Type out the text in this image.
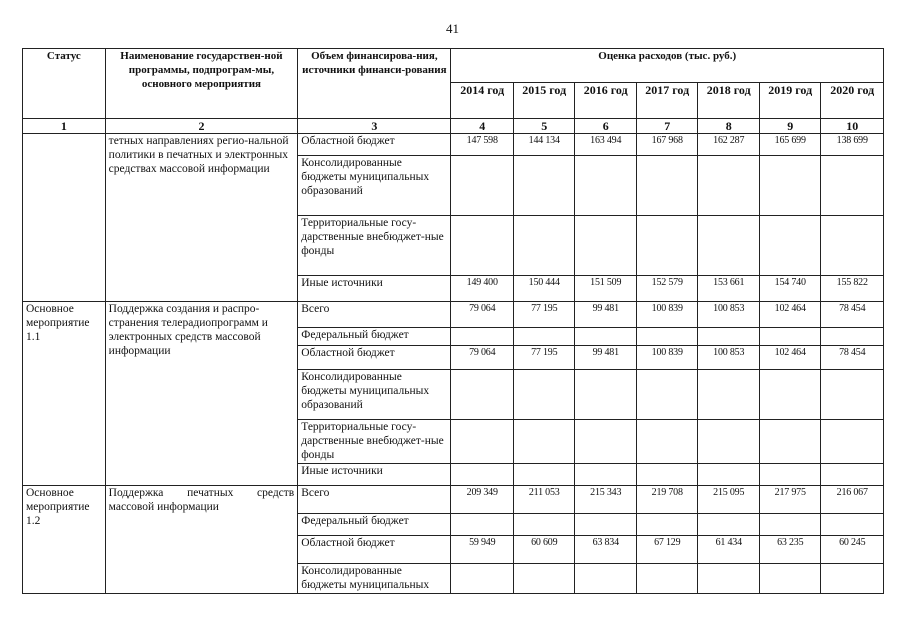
41
Статус	Наименование государствен-ной программы, подпрограм-мы, основного мероприятия	Объем финансирова-ния, источники финанси-рования	Оценка расходов (тыс. руб.)						
			2014 год	2015 год	2016 год	2017 год	2018 год	2019 год	2020 год
1	2	3	4	5	6	7	8	9	10
	тетных направлениях регио-нальной политики в печатных и электронных средствах массовой информации	Областной бюджет	147 598	144 134	163 494	167 968	162 287	165 699	138 699
		Консолидированные бюджеты муниципальных образований							
		Территориальные госу-дарственные внебюджет-ные фонды							
		Иные источники	149 400	150 444	151 509	152 579	153 661	154 740	155 822
Основное мероприятие 1.1	Поддержка создания и распро-странения телерадиопрограмм и электронных средств массовой информации	Всего	79 064	77 195	99 481	100 839	100 853	102 464	78 454
		Федеральный бюджет							
		Областной бюджет	79 064	77 195	99 481	100 839	100 853	102 464	78 454
		Консолидированные бюджеты муниципальных образований							
		Территориальные госу-дарственные внебюджет-ные фонды							
		Иные источники							
Основное мероприятие 1.2	Поддержка печатных средств массовой информации	Всего	209 349	211 053	215 343	219 708	215 095	217 975	216 067
		Федеральный бюджет							
		Областной бюджет	59 949	60 609	63 834	67 129	61 434	63 235	60 245
		Консолидированные бюджеты муниципальных							
